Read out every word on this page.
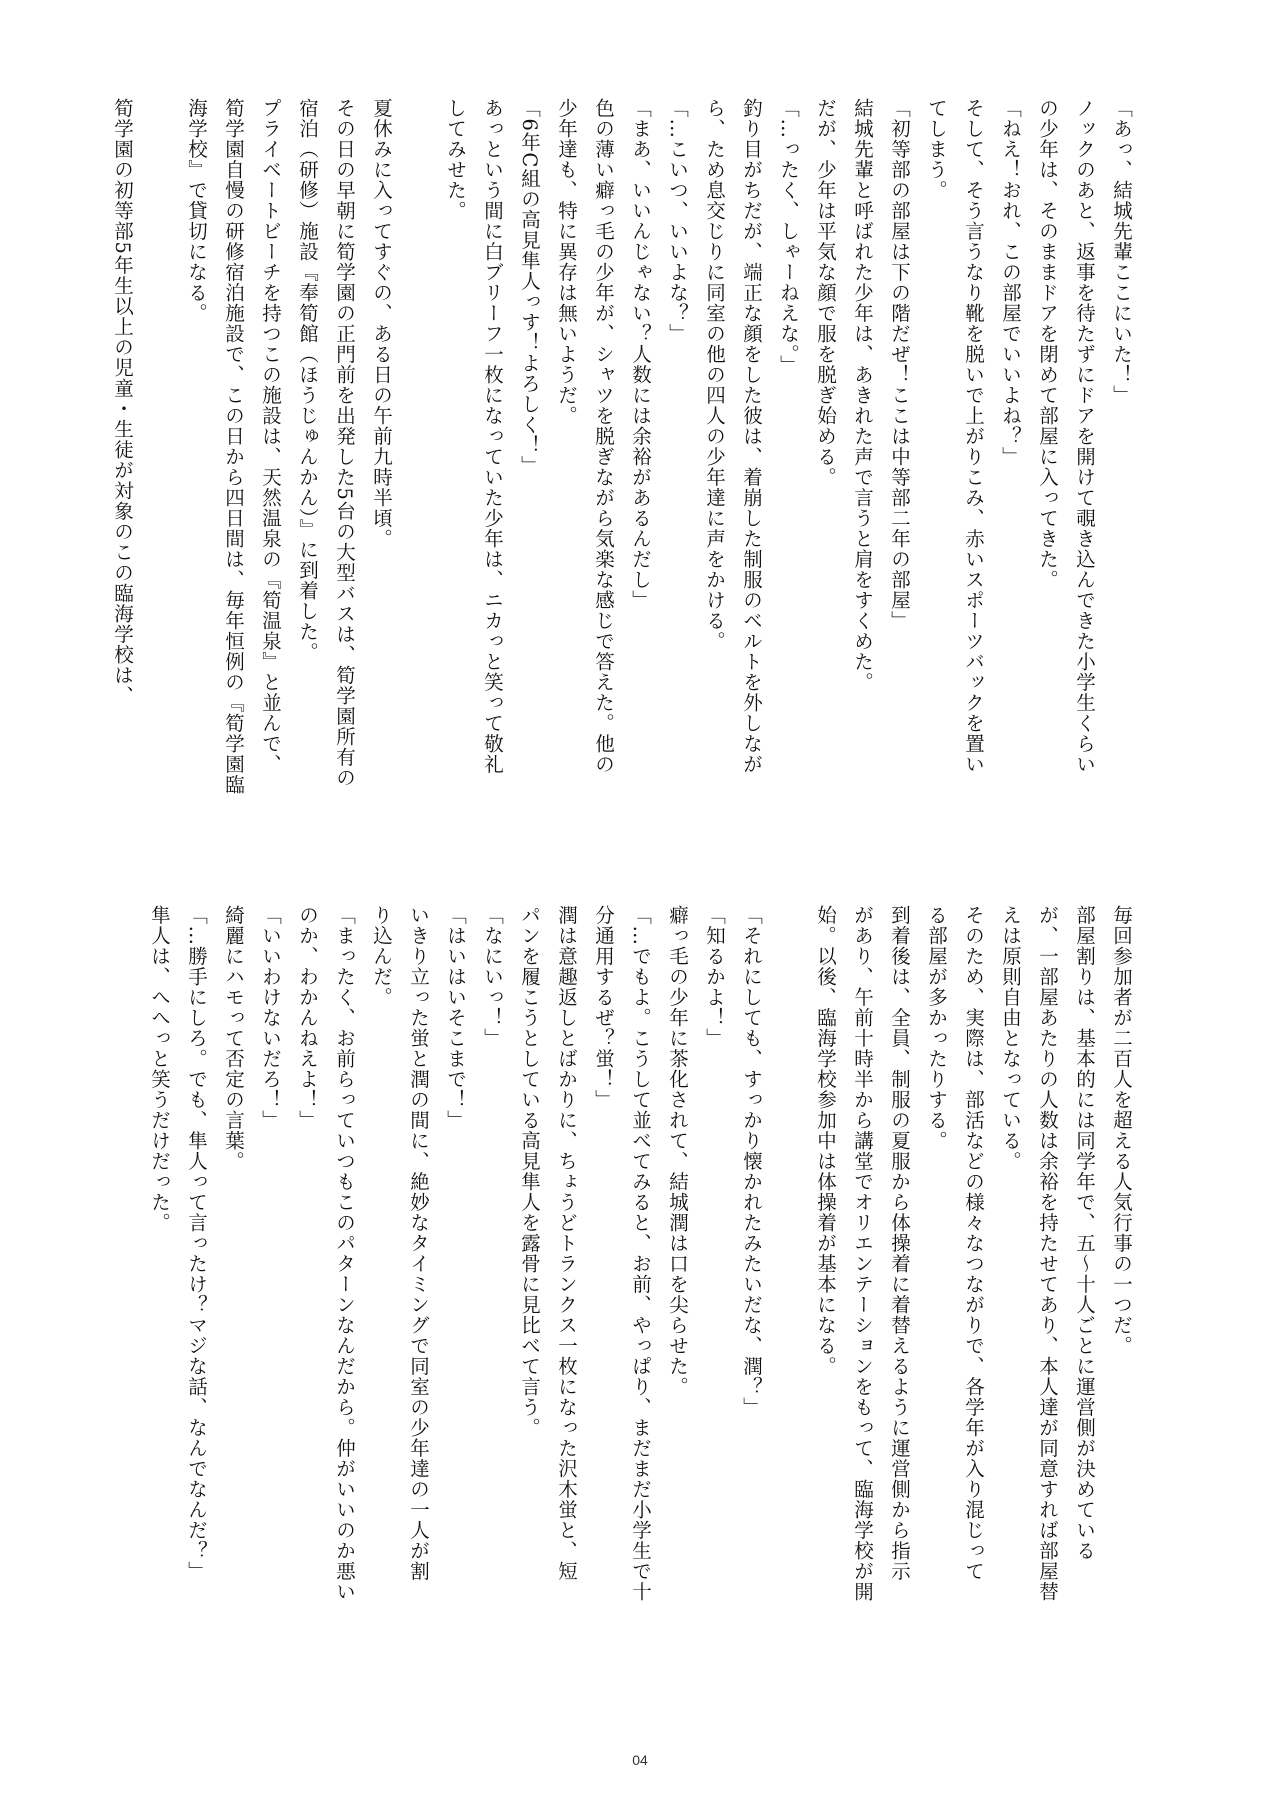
「あっ、結城先輩ここにいた！」
ノックのあと、返事を待たずにドアを開けて覗き込んできた小学生くらい
の少年は、そのままドアを閉めて部屋に入ってきた。
「ねえ！おれ、この部屋でいいよね？」
そして、そう言うなり靴を脱いで上がりこみ、赤いスポーツバックを置い
てしまう。
「初等部の部屋は下の階だぜ！ここは中等部二年の部屋」
結城先輩と呼ばれた少年は、あきれた声で言うと肩をすくめた。
だが、少年は平気な顔で服を脱ぎ始める。
「…ったく、しゃーねえな。」
釣り目がちだが、端正な顔をした彼は、着崩した制服のベルトを外しなが
ら、ため息交じりに同室の他の四人の少年達に声をかける。
「…こいつ、いいよな？」
「まあ、いいんじゃない？人数には余裕があるんだし」
色の薄い癖っ毛の少年が、シャツを脱ぎながら気楽な感じで答えた。他の
少年達も、特に異存は無いようだ。
「6年C組の高見隼人っす！よろしく！」
あっという間に白ブリーフ一枚になっていた少年は、ニカっと笑って敬礼
してみせた。
夏休みに入ってすぐの、ある日の午前九時半頃。
その日の早朝に筍学園の正門前を出発した5台の大型バスは、筍学園所有の
宿泊（研修）施設『奉筍館（ほうじゅんかん）』に到着した。
プライベートビーチを持つこの施設は、天然温泉の『筍温泉』と並んで、
筍学園自慢の研修宿泊施設で、この日から四日間は、毎年恒例の『筍学園臨
海学校』で貸切になる。
筍学園の初等部5年生以上の児童・生徒が対象のこの臨海学校は、
毎回参加者が二百人を超える人気行事の一つだ。
部屋割りは、基本的には同学年で、五〜十人ごとに運営側が決めている
が、一部屋あたりの人数は余裕を持たせてあり、本人達が同意すれば部屋替
えは原則自由となっている。
そのため、実際は、部活などの様々なつながりで、各学年が入り混じって
る部屋が多かったりする。
到着後は、全員、制服の夏服から体操着に着替えるように運営側から指示
があり、午前十時半から講堂でオリエンテーションをもって、臨海学校が開
始。以後、臨海学校参加中は体操着が基本になる。
「それにしても、すっかり懐かれたみたいだな、潤？」
「知るかよ！」
癖っ毛の少年に茶化されて、結城潤は口を尖らせた。
「…でもよ。こうして並べてみると、お前、やっぱり、まだまだ小学生で十
分通用するぜ？蛍！」
潤は意趣返しとばかりに、ちょうどトランクス一枚になった沢木蛍と、短
パンを履こうとしている高見隼人を露骨に見比べて言う。
「なにいっ！」
「はいはいそこまで！」
いきり立った蛍と潤の間に、絶妙なタイミングで同室の少年達の一人が割
り込んだ。
「まったく、お前らっていつもこのパターンなんだから。仲がいいのか悪い
のか、わかんねえよ！」
「いいわけないだろ！」
綺麗にハモって否定の言葉。
「…勝手にしろ。でも、隼人って言ったけ？マジな話、なんでなんだ？」
隼人は、へへっと笑うだけだった。
04
